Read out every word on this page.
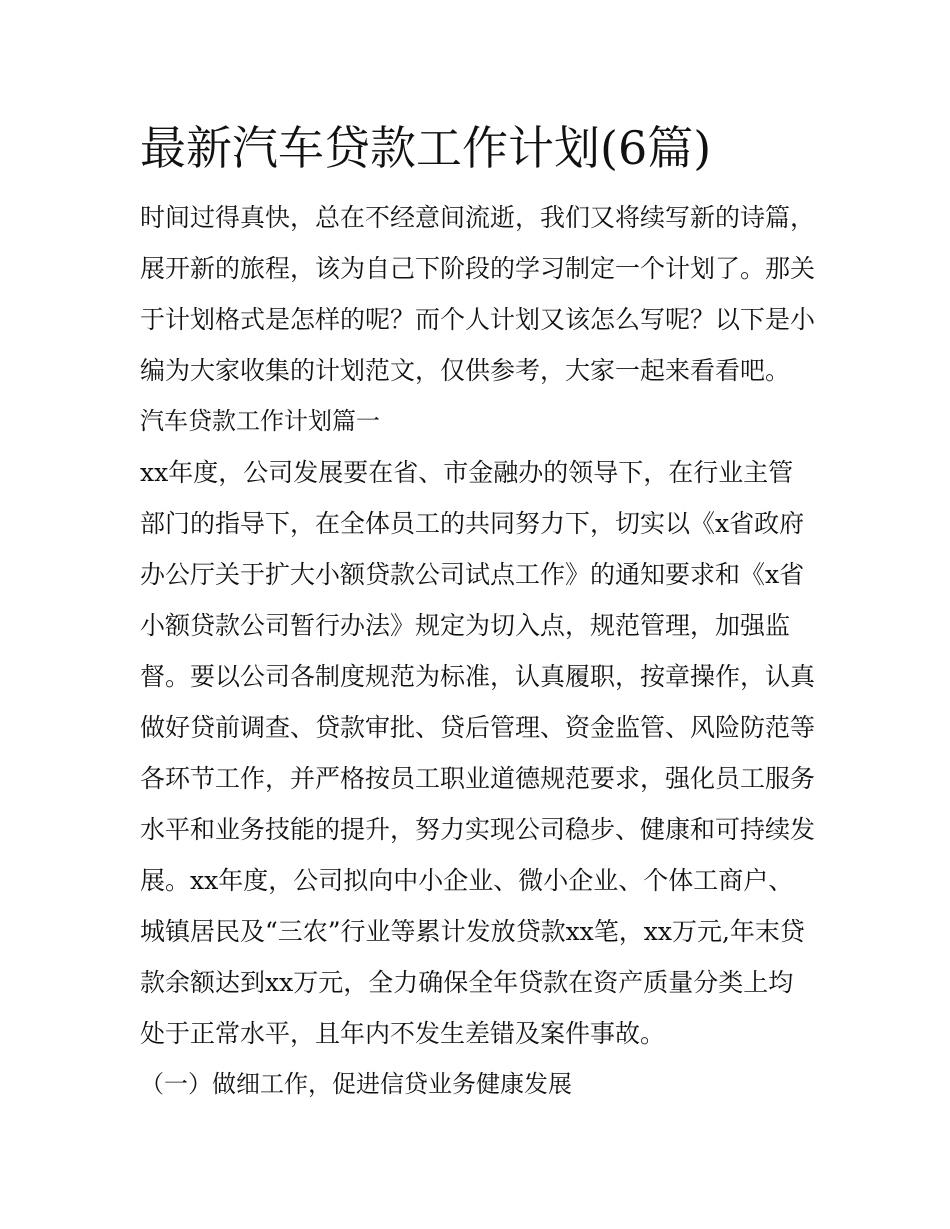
最新汽车贷款工作计划(6篇)
时间过得真快，总在不经意间流逝，我们又将续写新的诗篇，
展开新的旅程，该为自己下阶段的学习制定一个计划了。那关
于计划格式是怎样的呢？而个人计划又该怎么写呢？以下是小
编为大家收集的计划范文，仅供参考，大家一起来看看吧。
汽车贷款工作计划篇一
xx年度，公司发展要在省、市金融办的领导下，在行业主管
部门的指导下，在全体员工的共同努力下，切实以《x省政府
办公厅关于扩大小额贷款公司试点工作》的通知要求和《x省
小额贷款公司暂行办法》规定为切入点，规范管理，加强监
督。要以公司各制度规范为标准，认真履职，按章操作，认真
做好贷前调查、贷款审批、贷后管理、资金监管、风险防范等
各环节工作，并严格按员工职业道德规范要求，强化员工服务
水平和业务技能的提升，努力实现公司稳步、健康和可持续发
展。xx年度，公司拟向中小企业、微小企业、个体工商户、
城镇居民及“三农”行业等累计发放贷款xx笔，xx万元,年末贷
款余额达到xx万元，全力确保全年贷款在资产质量分类上均
处于正常水平，且年内不发生差错及案件事故。
（一）做细工作，促进信贷业务健康发展
